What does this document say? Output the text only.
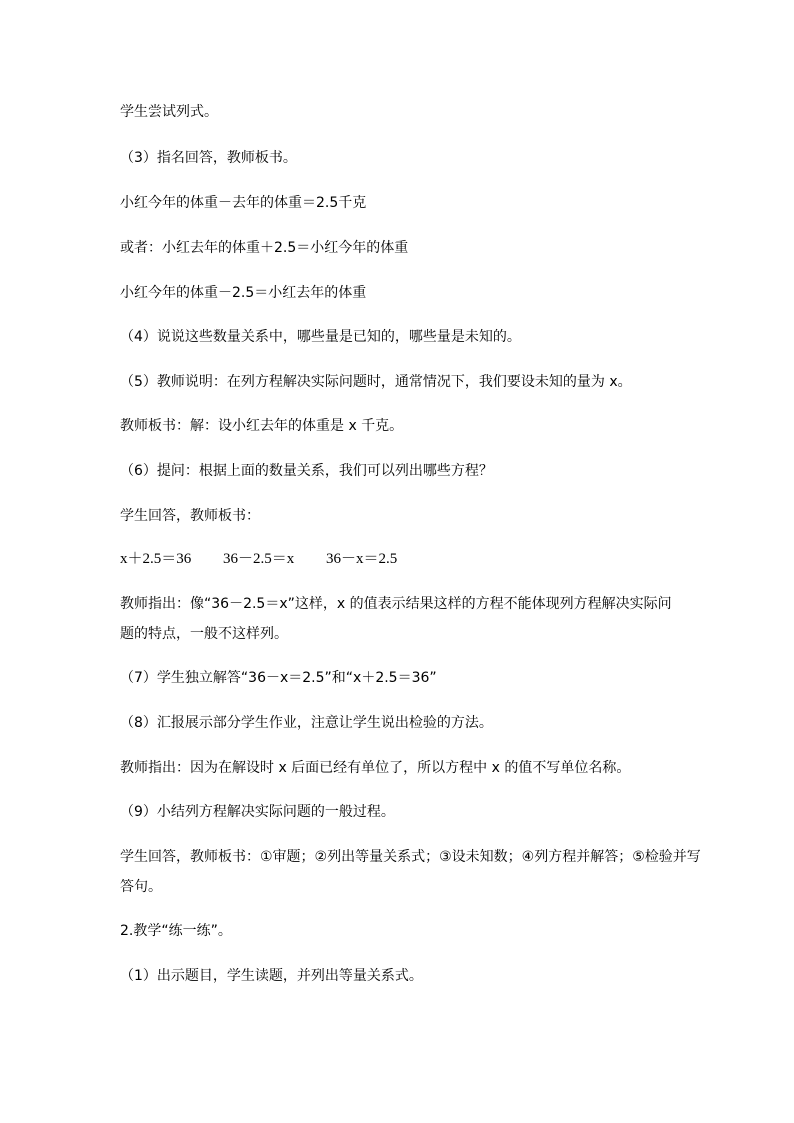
学生尝试列式。
（3）指名回答，教师板书。
小红今年的体重－去年的体重＝2.5千克
或者：小红去年的体重＋2.5＝小红今年的体重
小红今年的体重－2.5＝小红去年的体重
（4）说说这些数量关系中，哪些量是已知的，哪些量是未知的。
（5）教师说明：在列方程解决实际问题时，通常情况下，我们要设未知的量为 x。
教师板书：解：设小红去年的体重是 x 千克。
（6）提问：根据上面的数量关系，我们可以列出哪些方程？
学生回答，教师板书：
x＋2.5＝36 36－2.5＝x 36－x＝2.5
教师指出：像“36－2.5＝x”这样，x 的值表示结果这样的方程不能体现列方程解决实际问
题的特点，一般不这样列。
（7）学生独立解答“36－x＝2.5”和“x＋2.5＝36”
（8）汇报展示部分学生作业，注意让学生说出检验的方法。
教师指出：因为在解设时 x 后面已经有单位了，所以方程中 x 的值不写单位名称。
（9）小结列方程解决实际问题的一般过程。
学生回答，教师板书：①审题；②列出等量关系式；③设未知数；④列方程并解答；⑤检验并写
答句。
2.教学“练一练”。
（1）出示题目，学生读题，并列出等量关系式。
